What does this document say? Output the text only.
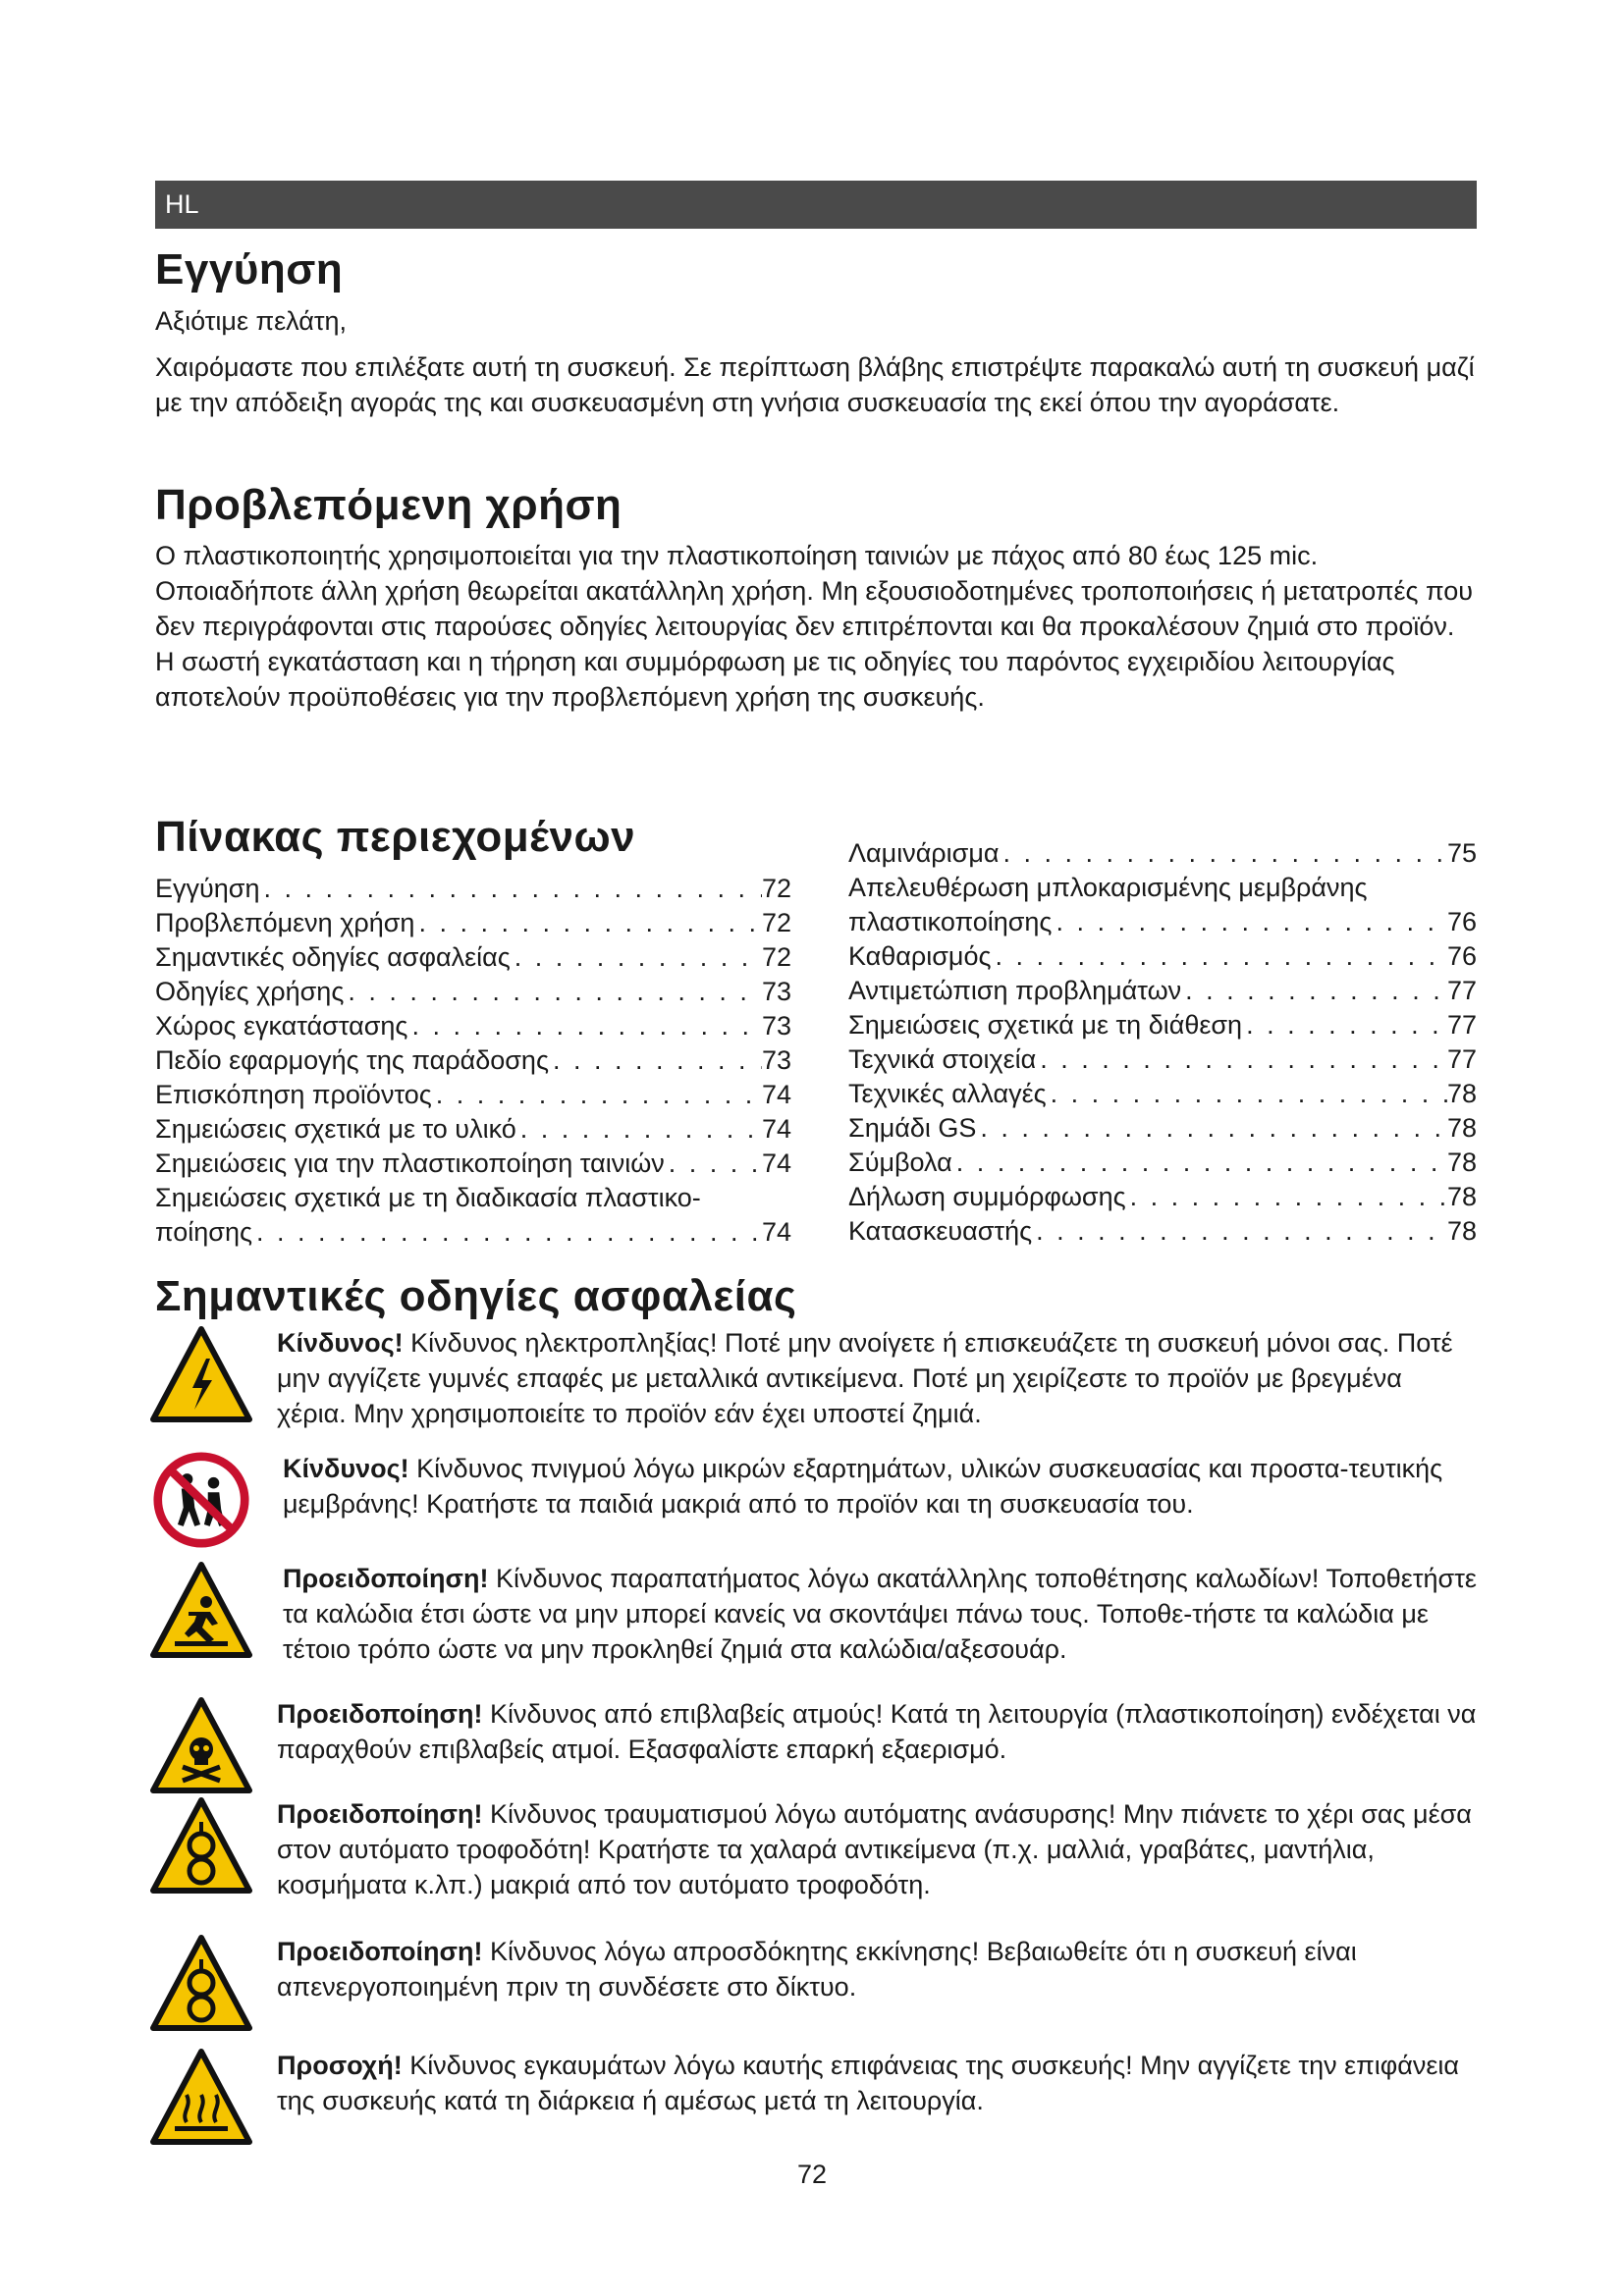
HL
Εγγύηση

Αξιότιμε πελάτη,

Χαιρόμαστε που επιλέξατε αυτή τη συσκευή. Σε περίπτωση βλάβης επιστρέψτε παρακαλώ αυτή τη συσκευή μαζί με την απόδειξη αγοράς της και συσκευασμένη στη γνήσια συσκευασία της εκεί όπου την αγοράσατε.

Προβλεπόμενη χρήση

Ο πλαστικοποιητής χρησιμοποιείται για την πλαστικοποίηση ταινιών με πάχος από 80 έως 125 mic. Οποιαδήποτε άλλη χρήση θεωρείται ακατάλληλη χρήση. Μη εξουσιοδοτημένες τροποποιήσεις ή μετατροπές που δεν περιγράφονται στις παρούσες οδηγίες λειτουργίας δεν επιτρέπονται και θα προκαλέσουν ζημιά στο προϊόν. Η σωστή εγκατάσταση και η τήρηση και συμμόρφωση με τις οδηγίες του παρόντος εγχειριδίου λειτουργίας αποτελούν προϋποθέσεις για την προβλεπόμενη χρήση της συσκευής.

Πίνακας περιεχομένων
Εγγύηση . . .	72
Προβλεπόμενη χρήση . . .	72
Σημαντικές οδηγίες ασφαλείας . . .	72
Οδηγίες χρήσης . . .	73
Χώρος εγκατάστασης . . .	73
Πεδίο εφαρμογής της παράδοσης . . .	73
Επισκόπηση προϊόντος . . .	74
Σημειώσεις σχετικά με το υλικό . . .	74
Σημειώσεις για την πλαστικοποίηση ταινιών . . .	74
Σημειώσεις σχετικά με τη διαδικασία πλαστικο-
ποίησης . . .	74
Λαμινάρισμα . . .	75
Απελευθέρωση μπλοκαρισμένης μεμβράνης
πλαστικοποίησης . . .	76
Καθαρισμός . . .	76
Αντιμετώπιση προβλημάτων . . .	77
Σημειώσεις σχετικά με τη διάθεση . . .	77
Τεχνικά στοιχεία . . .	77
Τεχνικές αλλαγές . . .	78
Σημάδι GS . . .	78
Σύμβολα . . .	78
Δήλωση συμμόρφωσης . . .	78
Κατασκευαστής . . .	78
Σημαντικές οδηγίες ασφαλείας

Κίνδυνος! Κίνδυνος ηλεκτροπληξίας! Ποτέ μην ανοίγετε ή επισκευάζετε τη συσκευή μόνοι σας. Ποτέ μην αγγίζετε γυμνές επαφές με μεταλλικά αντικείμενα. Ποτέ μη χειρίζεστε το προϊόν με βρεγμένα χέρια. Μην χρησιμοποιείτε το προϊόν εάν έχει υποστεί ζημιά.

Κίνδυνος! Κίνδυνος πνιγμού λόγω μικρών εξαρτημάτων, υλικών συσκευασίας και προστα-τευτικής μεμβράνης! Κρατήστε τα παιδιά μακριά από το προϊόν και τη συσκευασία του.

Προειδοποίηση! Κίνδυνος παραπατήματος λόγω ακατάλληλης τοποθέτησης καλωδίων! Τοποθετήστε τα καλώδια έτσι ώστε να μην μπορεί κανείς να σκοντάψει πάνω τους. Τοποθε-τήστε τα καλώδια με τέτοιο τρόπο ώστε να μην προκληθεί ζημιά στα καλώδια/αξεσουάρ.

Προειδοποίηση! Κίνδυνος από επιβλαβείς ατμούς! Κατά τη λειτουργία (πλαστικοποίηση) ενδέχεται να παραχθούν επιβλαβείς ατμοί. Εξασφαλίστε επαρκή εξαερισμό.

Προειδοποίηση! Κίνδυνος τραυματισμού λόγω αυτόματης ανάσυρσης! Μην πιάνετε το χέρι σας μέσα στον αυτόματο τροφοδότη! Κρατήστε τα χαλαρά αντικείμενα (π.χ. μαλλιά, γραβάτες, μαντήλια, κοσμήματα κ.λπ.) μακριά από τον αυτόματο τροφοδότη.

Προειδοποίηση! Κίνδυνος λόγω απροσδόκητης εκκίνησης! Βεβαιωθείτε ότι η συσκευή είναι απενεργοποιημένη πριν τη συνδέσετε στο δίκτυο.

Προσοχή! Κίνδυνος εγκαυμάτων λόγω καυτής επιφάνειας της συσκευής! Μην αγγίζετε την επιφάνεια της συσκευής κατά τη διάρκεια ή αμέσως μετά τη λειτουργία.

72
